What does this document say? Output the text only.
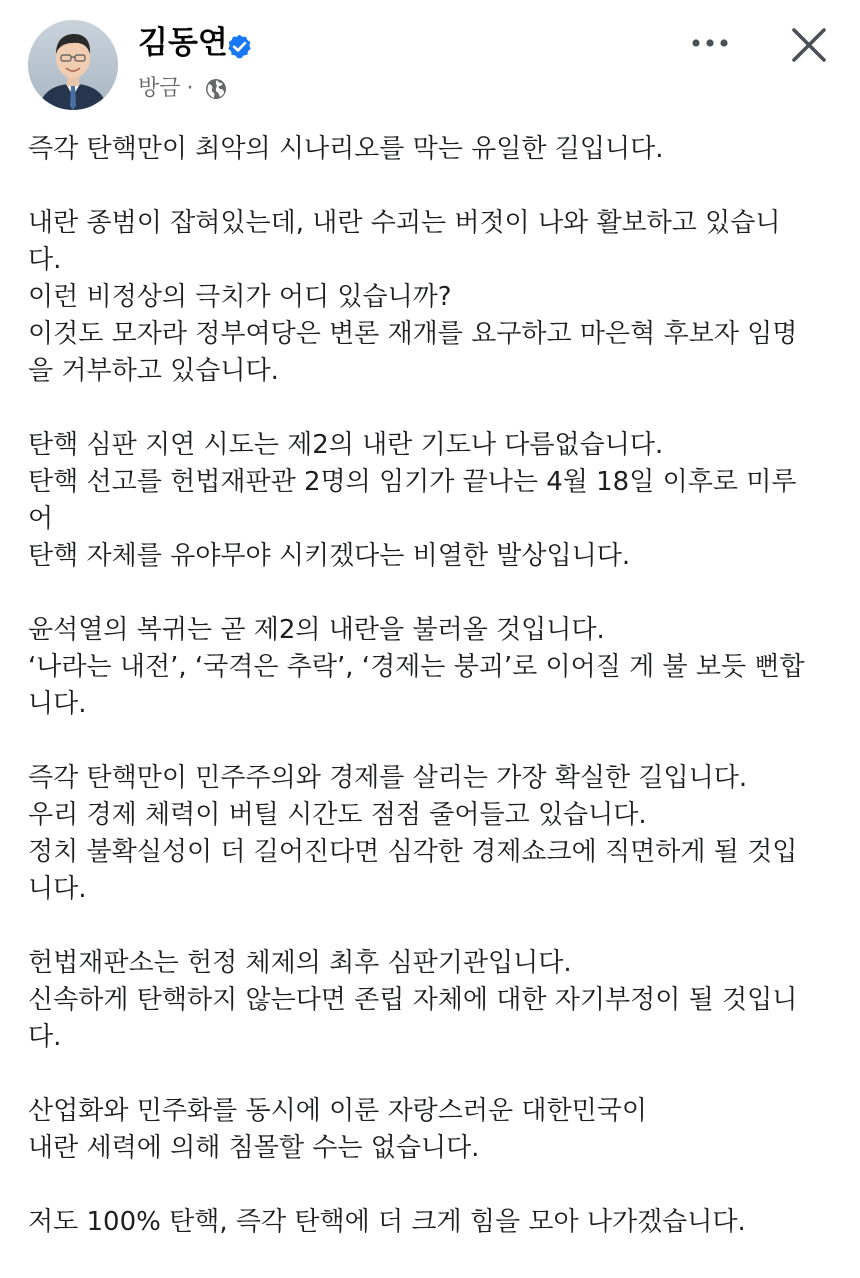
김동연
방금 ·
즉각 탄핵만이 최악의 시나리오를 막는 유일한 길입니다.
내란 종범이 잡혀있는데, 내란 수괴는 버젓이 나와 활보하고 있습니
다.
이런 비정상의 극치가 어디 있습니까?
이것도 모자라 정부여당은 변론 재개를 요구하고 마은혁 후보자 임명
을 거부하고 있습니다.
탄핵 심판 지연 시도는 제2의 내란 기도나 다름없습니다.
탄핵 선고를 헌법재판관 2명의 임기가 끝나는 4월 18일 이후로 미루
어
탄핵 자체를 유야무야 시키겠다는 비열한 발상입니다.
윤석열의 복귀는 곧 제2의 내란을 불러올 것입니다.
‘나라는 내전’, ‘국격은 추락’, ‘경제는 붕괴’로 이어질 게 불 보듯 뻔합
니다.
즉각 탄핵만이 민주주의와 경제를 살리는 가장 확실한 길입니다.
우리 경제 체력이 버틸 시간도 점점 줄어들고 있습니다.
정치 불확실성이 더 길어진다면 심각한 경제쇼크에 직면하게 될 것입
니다.
헌법재판소는 헌정 체제의 최후 심판기관입니다.
신속하게 탄핵하지 않는다면 존립 자체에 대한 자기부정이 될 것입니
다.
산업화와 민주화를 동시에 이룬 자랑스러운 대한민국이
내란 세력에 의해 침몰할 수는 없습니다.
저도 100% 탄핵, 즉각 탄핵에 더 크게 힘을 모아 나가겠습니다.
